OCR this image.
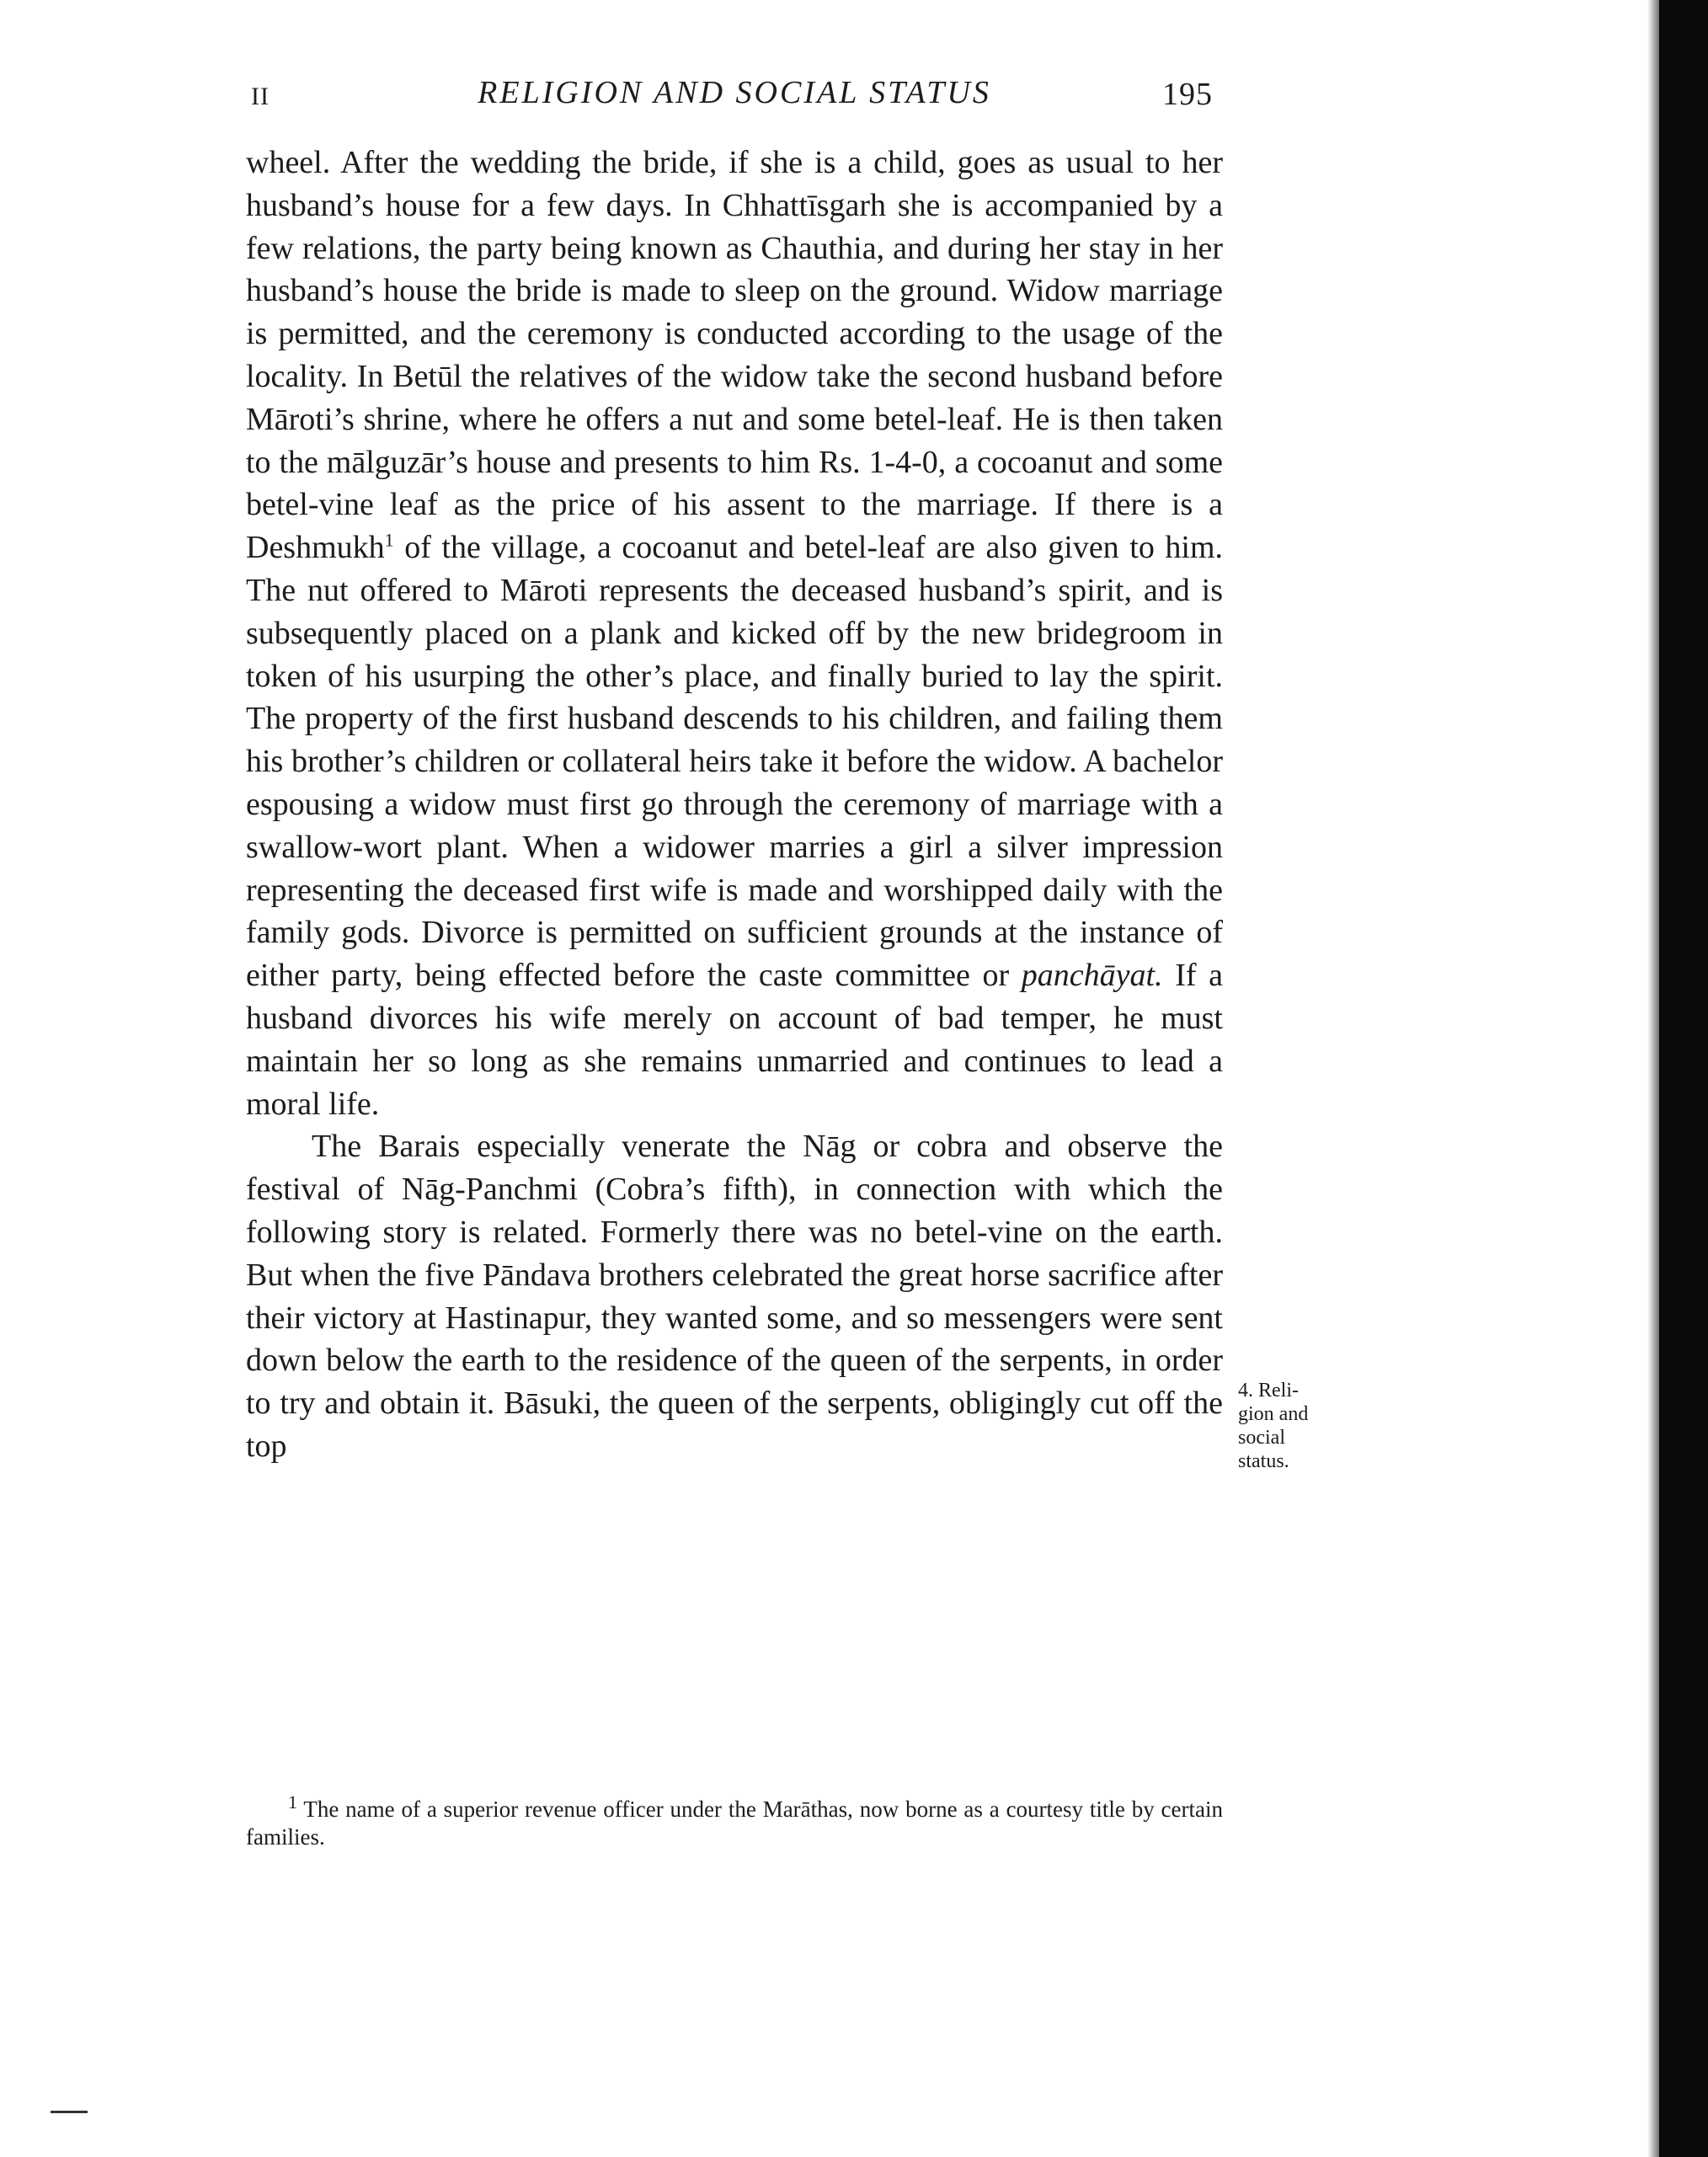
II	RELIGION AND SOCIAL STATUS	195

wheel. After the wedding the bride, if she is a child, goes as usual to her husband’s house for a few days. In Chhattīsgarh she is accompanied by a few relations, the party being known as Chauthia, and during her stay in her husband’s house the bride is made to sleep on the ground. Widow marriage is permitted, and the ceremony is conducted according to the usage of the locality. In Betūl the relatives of the widow take the second husband before Māroti’s shrine, where he offers a nut and some betel-leaf. He is then taken to the mālguzār’s house and presents to him Rs. 1-4-0, a cocoanut and some betel-vine leaf as the price of his assent to the marriage. If there is a Deshmukh$^1$ of the village, a cocoanut and betel-leaf are also given to him. The nut offered to Māroti represents the deceased husband’s spirit, and is subsequently placed on a plank and kicked off by the new bridegroom in token of his usurping the other’s place, and finally buried to lay the spirit. The property of the first husband descends to his children, and failing them his brother’s children or collateral heirs take it before the widow. A bachelor espousing a widow must first go through the ceremony of marriage with a swallow-wort plant. When a widower marries a girl a silver impression representing the deceased first wife is made and worshipped daily with the family gods. Divorce is permitted on sufficient grounds at the instance of either party, being effected before the caste committee or panchāyat. If a husband divorces his wife merely on account of bad temper, he must maintain her so long as she remains unmarried and continues to lead a moral life.

The Barais especially venerate the Nāg or cobra and observe the festival of Nāg-Panchmi (Cobra’s fifth), in connection with which the following story is related. Formerly there was no betel-vine on the earth. But when the five Pāndava brothers celebrated the great horse sacrifice after their victory at Hastinapur, they wanted some, and so messengers were sent down below the earth to the residence of the queen of the serpents, in order to try and obtain it. Bāsuki, the queen of the serpents, obligingly cut off the top

4. Reli-
gion and
social
status.
$^1$ The name of a superior revenue officer under the Marāthas, now borne as a courtesy title by certain families.
